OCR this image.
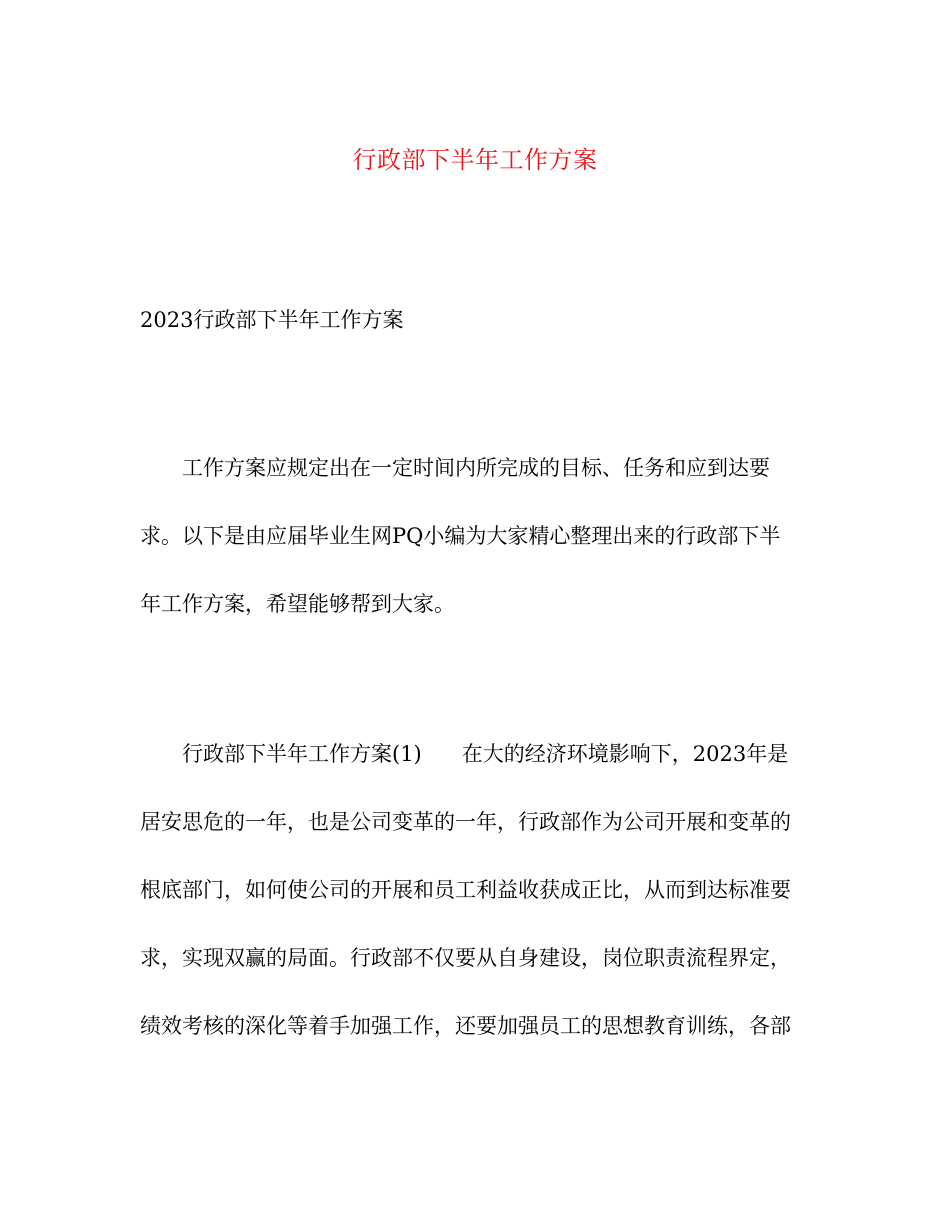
行政部下半年工作方案
2023行政部下半年工作方案
工作方案应规定出在一定时间内所完成的目标、任务和应到达要
求。以下是由应届毕业生网PQ小编为大家精心整理出来的行政部下半
年工作方案，希望能够帮到大家。
行政部下半年工作方案(1) 在大的经济环境影响下，2023年是
居安思危的一年，也是公司变革的一年，行政部作为公司开展和变革的
根底部门，如何使公司的开展和员工利益收获成正比，从而到达标准要
求，实现双赢的局面。行政部不仅要从自身建设，岗位职责流程界定，
绩效考核的深化等着手加强工作，还要加强员工的思想教育训练，各部
